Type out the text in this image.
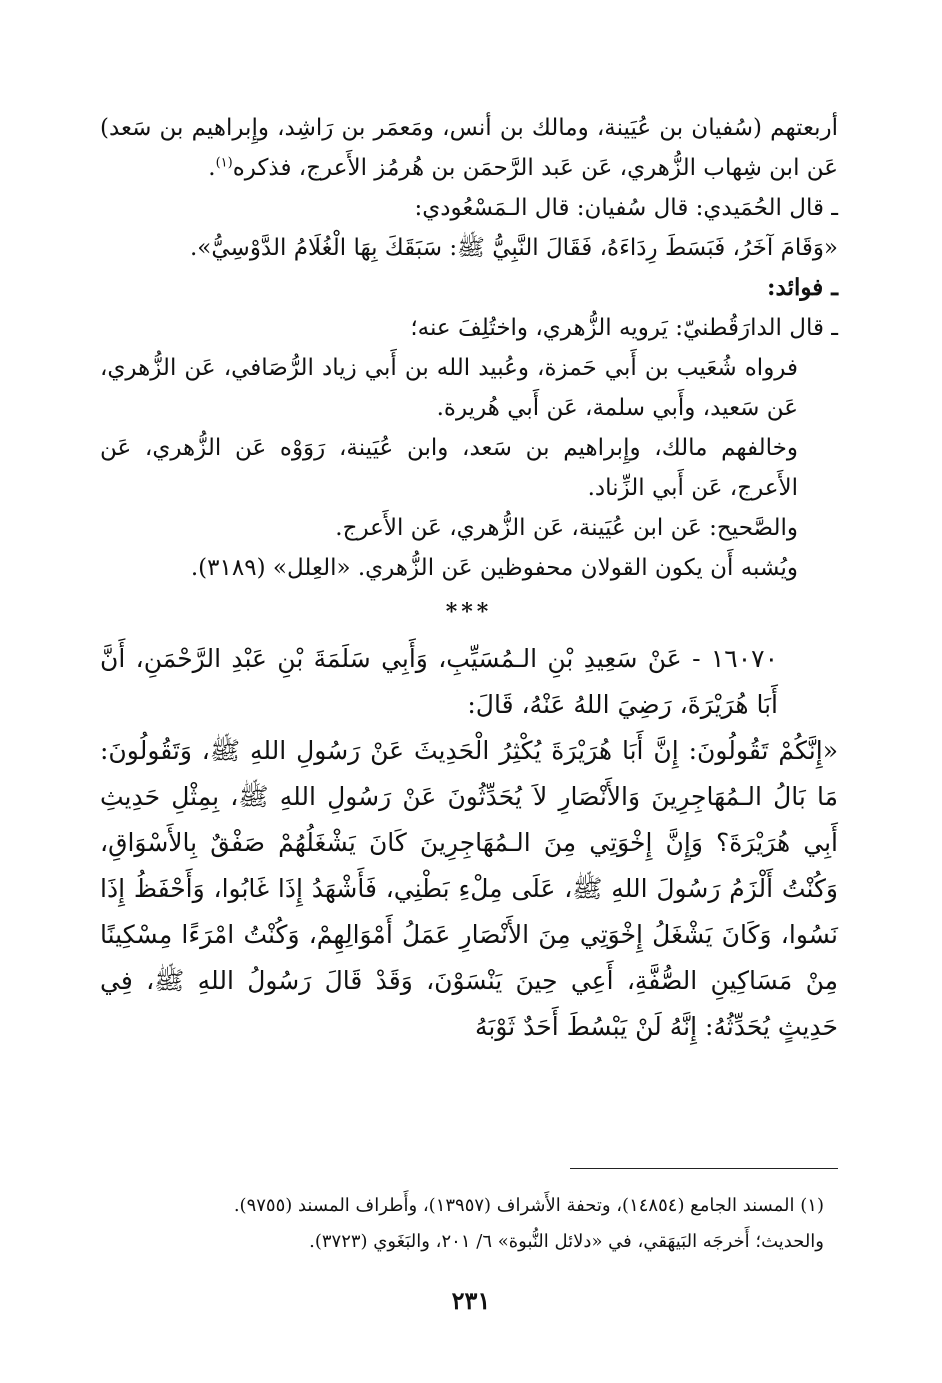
أربعتهم (سُفيان بن عُيَينة، ومالك بن أنس، ومَعمَر بن رَاشِد، وإِبراهيم بن سَعد) عَن ابن شِهاب الزُّهري، عَن عَبد الرَّحمَن بن هُرمُز الأَعرج، فذكره$^{(١)}$.

ـ قال الحُمَيدي: قال سُفيان: قال الـمَسْعُودي:

«وَقَامَ آخَرُ، فَبَسَطَ رِدَاءَهُ، فَقَالَ النَّبِيُّ ﷺ: سَبَقَكَ بِهَا الْغُلَامُ الدَّوْسِيُّ».

ـ فوائد:

ـ قال الدارَقُطنيّ: يَرويه الزُّهري، واختُلِفَ عنه؛

فرواه شُعَيب بن أَبي حَمزة، وعُبيد الله بن أَبي زياد الرُّصَافي، عَن الزُّهري، عَن سَعيد، وأَبي سلمة، عَن أَبي هُريرة.

وخالفهم مالك، وإِبراهيم بن سَعد، وابن عُيَينة، رَوَوْه عَن الزُّهري، عَن الأَعرج، عَن أَبي الزِّناد.

والصَّحيح: عَن ابن عُيَينة، عَن الزُّهري، عَن الأَعرج.

ويُشبه أَن يكون القولان محفوظين عَن الزُّهري. «العِلل» (٣١٨٩).

***

١٦٠٧٠ - عَنْ سَعِيدِ بْنِ الـمُسَيِّبِ، وَأَبِي سَلَمَةَ بْنِ عَبْدِ الرَّحْمَنِ، أَنَّ أَبَا هُرَيْرَةَ، رَضِيَ اللهُ عَنْهُ، قَالَ:

«إِنَّكُمْ تَقُولُونَ: إِنَّ أَبَا هُرَيْرَةَ يُكْثِرُ الْحَدِيثَ عَنْ رَسُولِ اللهِ ﷺ، وَتَقُولُونَ: مَا بَالُ الـمُهَاجِرِينَ وَالأَنْصَارِ لاَ يُحَدِّثُونَ عَنْ رَسُولِ اللهِ ﷺ، بِمِثْلِ حَدِيثِ أَبِي هُرَيْرَةَ؟ وَإِنَّ إِخْوَتِي مِنَ الـمُهَاجِرِينَ كَانَ يَشْغَلُهُمْ صَفْقٌ بِالأَسْوَاقِ، وَكُنْتُ أَلْزَمُ رَسُولَ اللهِ ﷺ، عَلَى مِلْءِ بَطْنِي، فَأَشْهَدُ إِذَا غَابُوا، وَأَحْفَظُ إِذَا نَسُوا، وَكَانَ يَشْغَلُ إِخْوَتِي مِنَ الأَنْصَارِ عَمَلُ أَمْوَالِهِمْ، وَكُنْتُ امْرَءًا مِسْكِينًا مِنْ مَسَاكِينِ الصُّفَّةِ، أَعِي حِينَ يَنْسَوْنَ، وَقَدْ قَالَ رَسُولُ اللهِ ﷺ، فِي حَدِيثٍ يُحَدِّثُهُ: إِنَّهُ لَنْ يَبْسُطَ أَحَدٌ ثَوْبَهُ

(١) المسند الجامع (١٤٨٥٤)، وتحفة الأَشراف (١٣٩٥٧)، وأَطراف المسند (٩٧٥٥).

والحديث؛ أَخرجَه البَيهَقي، في «دلائل النُّبوة» ٦/ ٢٠١، والبَغَوي (٣٧٢٣).

٢٣١
